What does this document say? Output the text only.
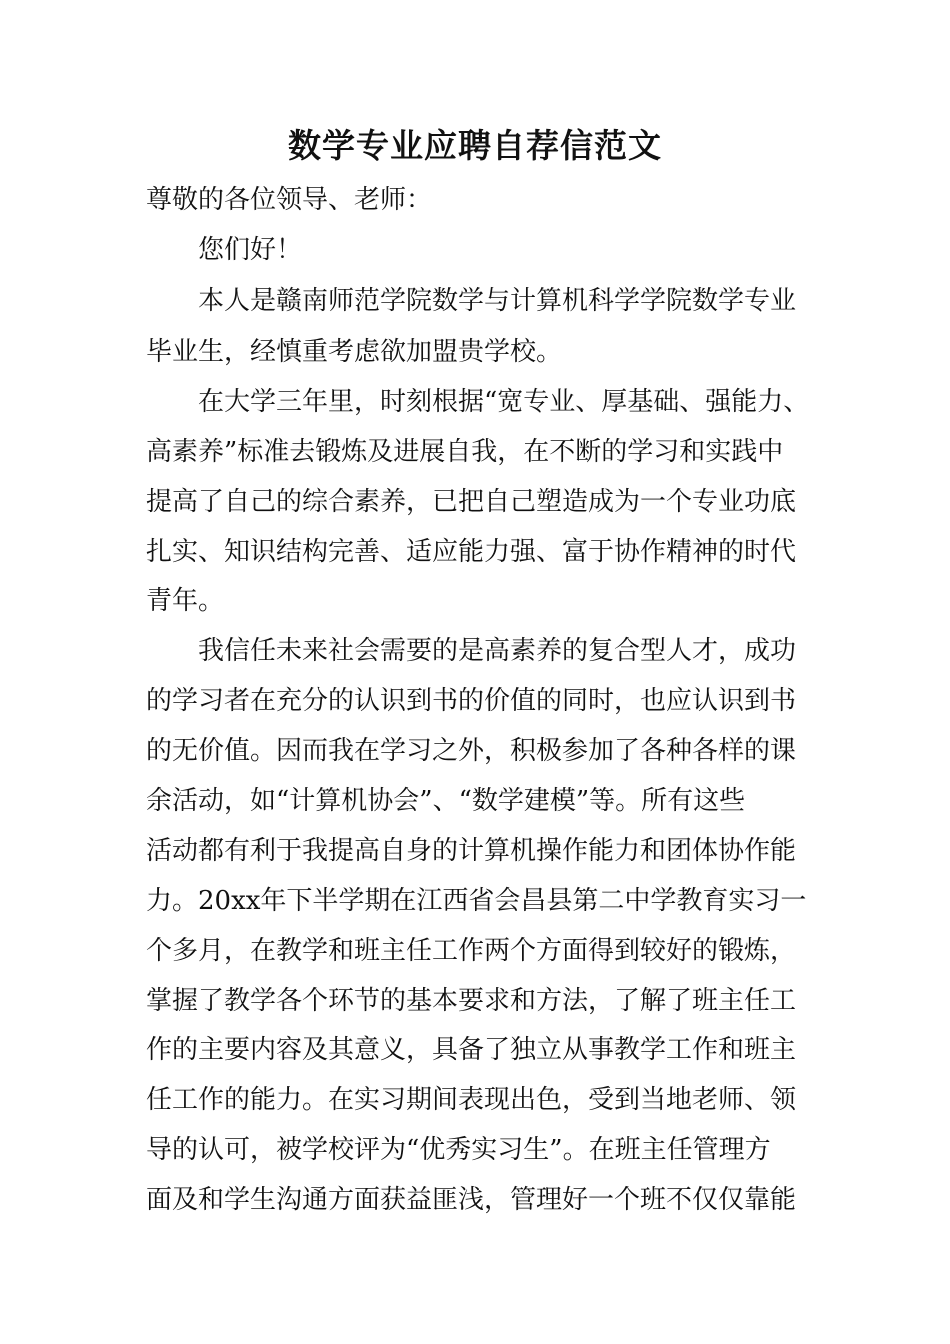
数学专业应聘自荐信范文

尊敬的各位领导、老师：

您们好！

本人是赣南师范学院数学与计算机科学学院数学专业

毕业生，经慎重考虑欲加盟贵学校。

在大学三年里，时刻根据“宽专业、厚基础、强能力、

高素养”标准去锻炼及进展自我，在不断的学习和实践中

提高了自己的综合素养，已把自己塑造成为一个专业功底

扎实、知识结构完善、适应能力强、富于协作精神的时代

青年。

我信任未来社会需要的是高素养的复合型人才，成功

的学习者在充分的认识到书的价值的同时，也应认识到书

的无价值。因而我在学习之外，积极参加了各种各样的课

余活动，如“计算机协会”、“数学建模”等。所有这些

活动都有利于我提高自身的计算机操作能力和团体协作能

力。20xx年下半学期在江西省会昌县第二中学教育实习一

个多月，在教学和班主任工作两个方面得到较好的锻炼，

掌握了教学各个环节的基本要求和方法，了解了班主任工

作的主要内容及其意义，具备了独立从事教学工作和班主

任工作的能力。在实习期间表现出色，受到当地老师、领

导的认可，被学校评为“优秀实习生”。在班主任管理方

面及和学生沟通方面获益匪浅，管理好一个班不仅仅靠能
